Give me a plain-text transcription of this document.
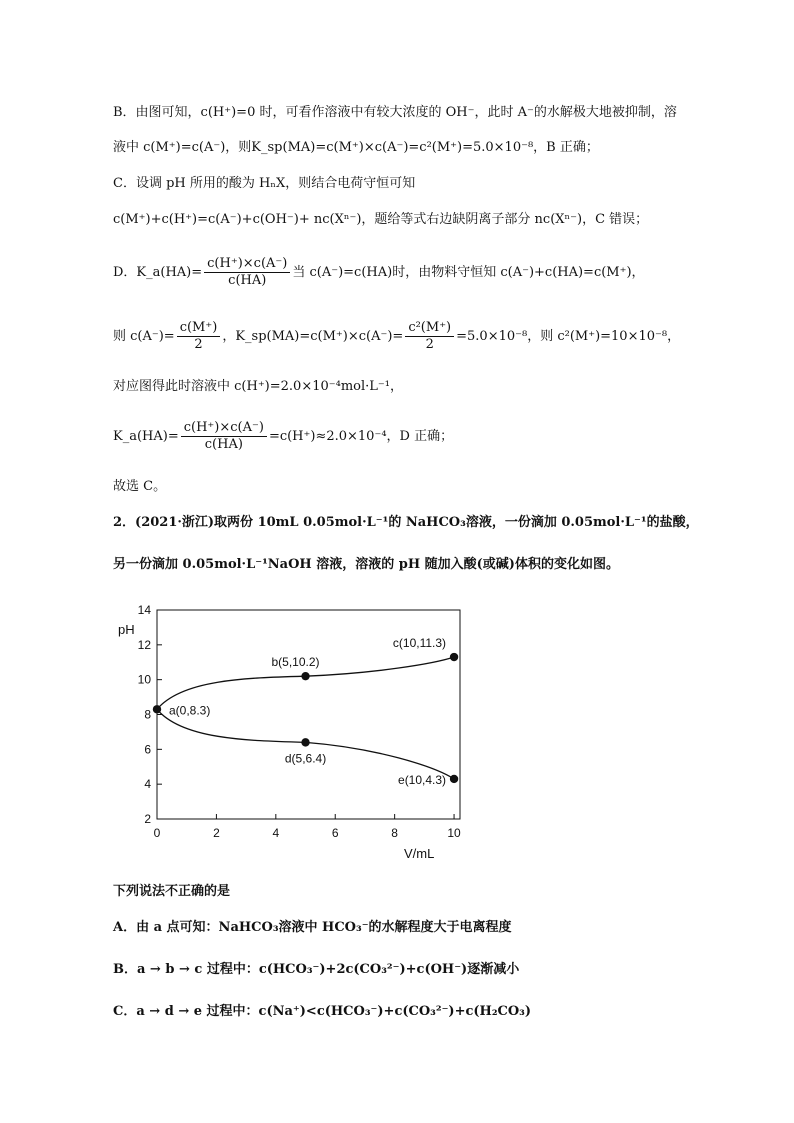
B．由图可知，c(H⁺)=0 时，可看作溶液中有较大浓度的 OH⁻，此时 A⁻的水解极大地被抑制，溶
液中 c(M⁺)=c(A⁻)，则K_sp(MA)=c(M⁺)×c(A⁻)=c²(M⁺)=5.0×10⁻⁸，B 正确；
C．设调 pH 所用的酸为 HₙX，则结合电荷守恒可知
c(M⁺)+c(H⁺)=c(A⁻)+c(OH⁻)+ nc(Xⁿ⁻)，题给等式右边缺阴离子部分 nc(Xⁿ⁻)，C 错误；
D．K_a(HA)= $\frac{c(H^+)\times c(A^-)}{c(HA)}$ 当 c(A⁻)=c(HA)时，由物料守恒知 c(A⁻)+c(HA)=c(M⁺)，
则 $c(A^-)= \frac{c(M^+)}{2}$ ，K_sp(MA)=c(M⁺)×c(A⁻)= $\frac{\text{c²(M⁺)}}{2} =5.0\times 10^{-8}$，则 c²(M⁺)=10×10⁻⁸，
对应图得此时溶液中 c(H⁺)=2.0×10⁻⁴mol·L⁻¹，
K_a(HA)= $\frac{c(H^+)\times c(A^-)}{c(HA)} =c(H^+)\approx 2.0\times 10^{-4}$，D 正确；
故选 C。
2．(2021·浙江)取两份 10mL 0.05mol·L⁻¹的 NaHCO₃溶液，一份滴加 0.05mol·L⁻¹的盐酸，
另一份滴加 0.05mol·L⁻¹NaOH 溶液，溶液的 pH 随加入酸(或碱)体积的变化如图。
0	2	4	6	8	10
2
4
6
8
10
12
14
a(0,8.3)
b(5,10.2)
c(10,11.3)
d(5,6.4)
e(10,4.3)
pH
V/mL
下列说法不正确的是
A．由 a 点可知：NaHCO₃溶液中 HCO₃⁻的水解程度大于电离程度
B．a → b → c 过程中：c(HCO₃⁻)+2c(CO₃²⁻)+c(OH⁻)逐渐减小
C．a → d → e 过程中：c(Na⁺)<c(HCO₃⁻)+c(CO₃²⁻)+c(H₂CO₃)
